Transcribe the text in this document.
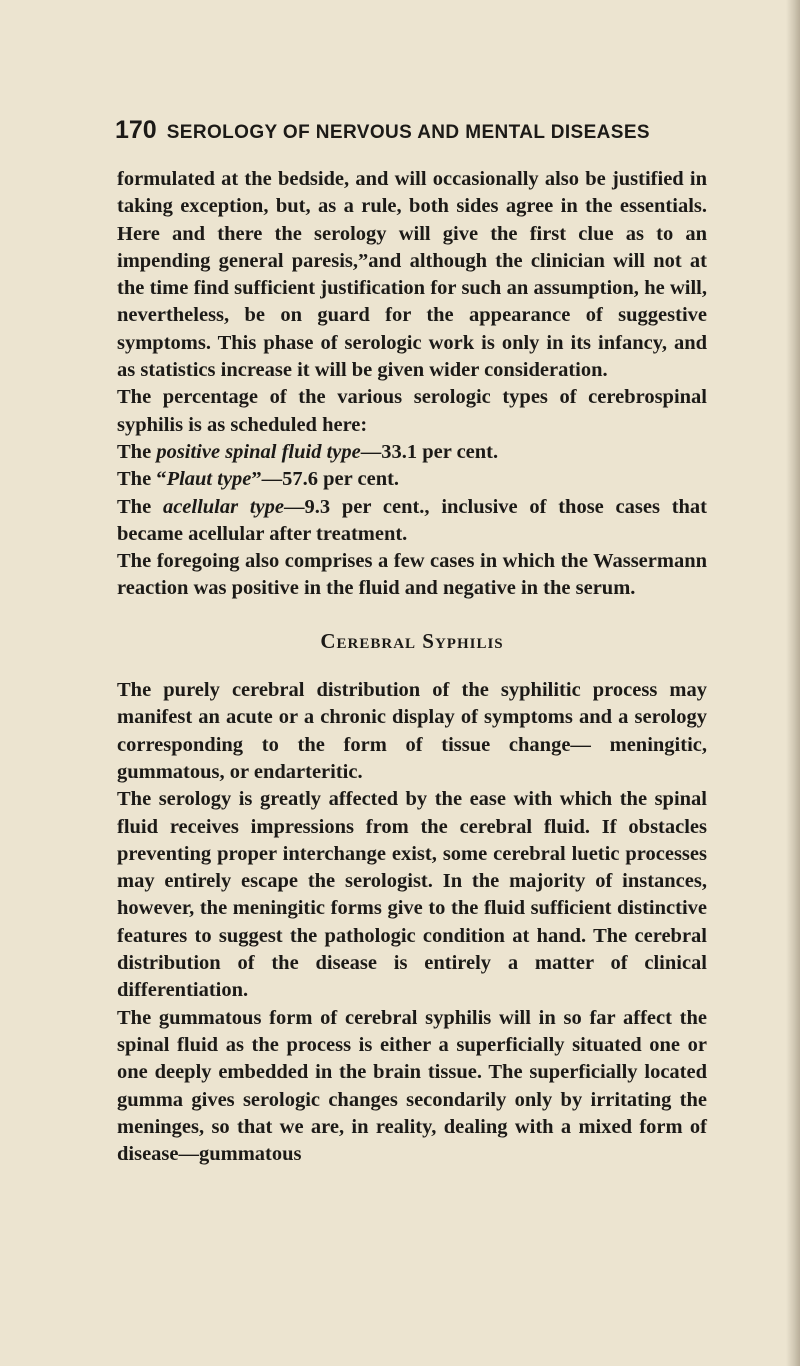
170 SEROLOGY OF NERVOUS AND MENTAL DISEASES

formulated at the bedside, and will occasionally also be justified in taking exception, but, as a rule, both sides agree in the essentials. Here and there the serology will give the first clue as to an impending general paresis,”and although the clinician will not at the time find sufficient justification for such an assumption, he will, nevertheless, be on guard for the appearance of suggestive symptoms. This phase of serologic work is only in its infancy, and as statistics increase it will be given wider consideration.

The percentage of the various serologic types of cerebrospinal syphilis is as scheduled here:

The positive spinal fluid type—33.1 per cent.

The “Plaut type”—57.6 per cent.

The acellular type—9.3 per cent., inclusive of those cases that became acellular after treatment.

The foregoing also comprises a few cases in which the Wassermann reaction was positive in the fluid and negative in the serum.

Cerebral Syphilis

The purely cerebral distribution of the syphilitic process may manifest an acute or a chronic display of symptoms and a serology corresponding to the form of tissue change— meningitic, gummatous, or endarteritic.

The serology is greatly affected by the ease with which the spinal fluid receives impressions from the cerebral fluid. If obstacles preventing proper interchange exist, some cerebral luetic processes may entirely escape the serologist. In the majority of instances, however, the meningitic forms give to the fluid sufficient distinctive features to suggest the pathologic condition at hand. The cerebral distribution of the disease is entirely a matter of clinical differentiation.

The gummatous form of cerebral syphilis will in so far affect the spinal fluid as the process is either a superficially situated one or one deeply embedded in the brain tissue. The superficially located gumma gives serologic changes secondarily only by irritating the meninges, so that we are, in reality, dealing with a mixed form of disease—gummatous
